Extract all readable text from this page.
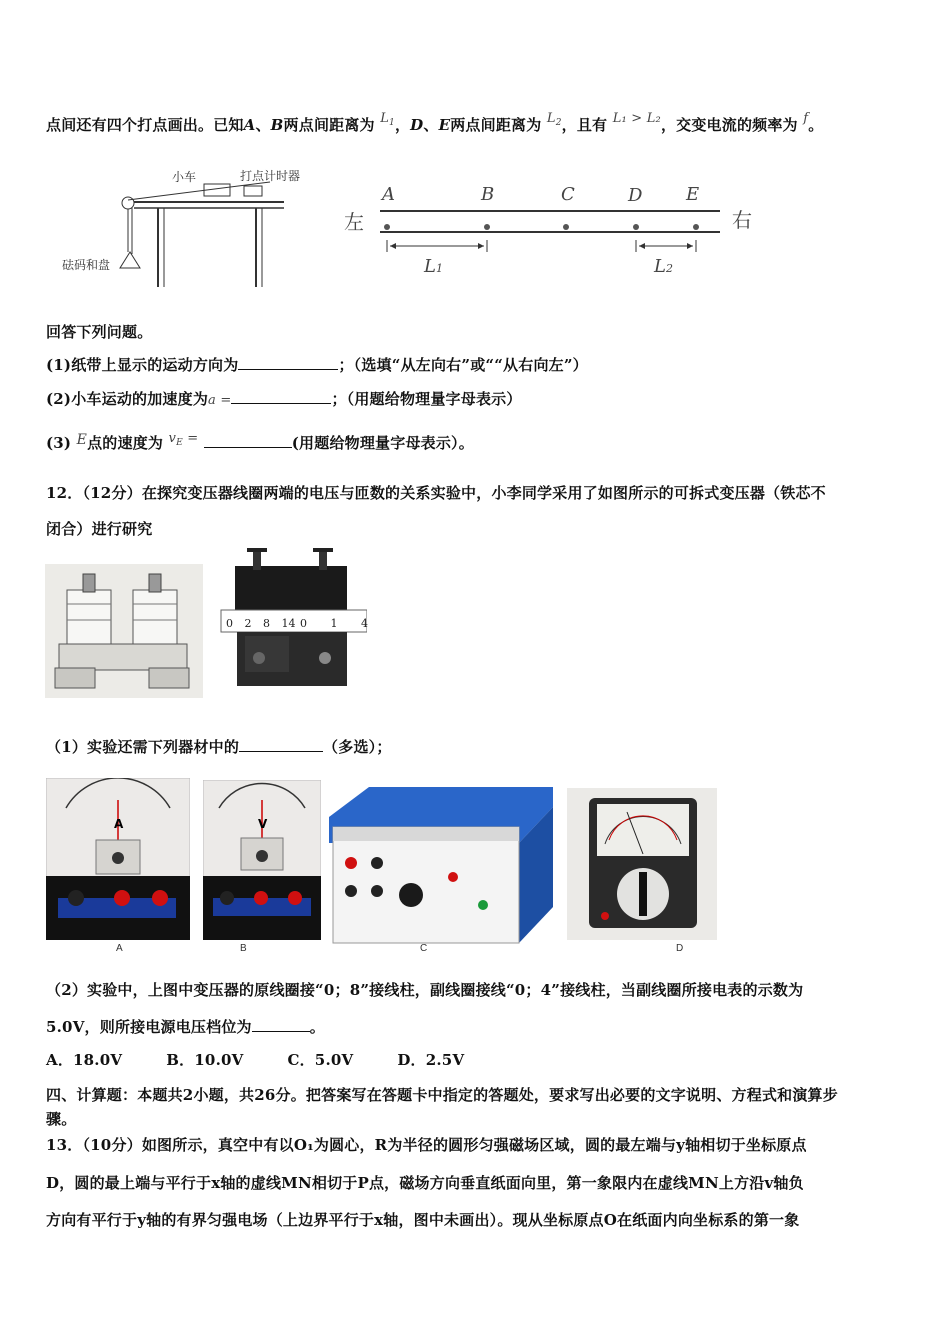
点间还有四个打点画出。已知A、B两点间距离为 $L_1$，D、E两点间距离为 $L_2$，且有 L₁ > L₂，交变电流的频率为 f。
小车	打点计时器
砝码和盘
左	右
A	B	C	D E
L1	L2
回答下列问题。
(1)纸带上显示的运动方向为	；（选填“从左向右”或““从右向左”）
(2)小车运动的加速度为a =	；（用题给物理量字母表示）
(3) E点的速度为 $v_E$ =	(用题给物理量字母表示）。
12．（12分）在探究变压器线圈两端的电压与匝数的关系实验中，小李同学采用了如图所示的可拆式变压器（铁芯不
闭合）进行研究
0 2 8 14 0 1 4
（1）实验还需下列器材中的	（多选）；
A
A
V
B	C	D
（2）实验中，上图中变压器的原线圈接“0；8”接线柱，副线圈接线“0；4”接线柱，当副线圈所接电表的示数为
5.0V，则所接电源电压档位为	。
A．18.0V	B．10.0V	C．5.0V	D．2.5V
四、计算题：本题共2小题，共26分。把答案写在答题卡中指定的答题处，要求写出必要的文字说明、方程式和演算步
骤。
13．（10分）如图所示，真空中有以O₁为圆心，R为半径的圆形匀强磁场区域，圆的最左端与y轴相切于坐标原点
D，圆的最上端与平行于x轴的虚线MN相切于P点，磁场方向垂直纸面向里，第一象限内在虚线MN上方沿v轴负
方向有平行于y轴的有界匀强电场（上边界平行于x轴，图中未画出）。现从坐标原点O在纸面内向坐标系的第一象
